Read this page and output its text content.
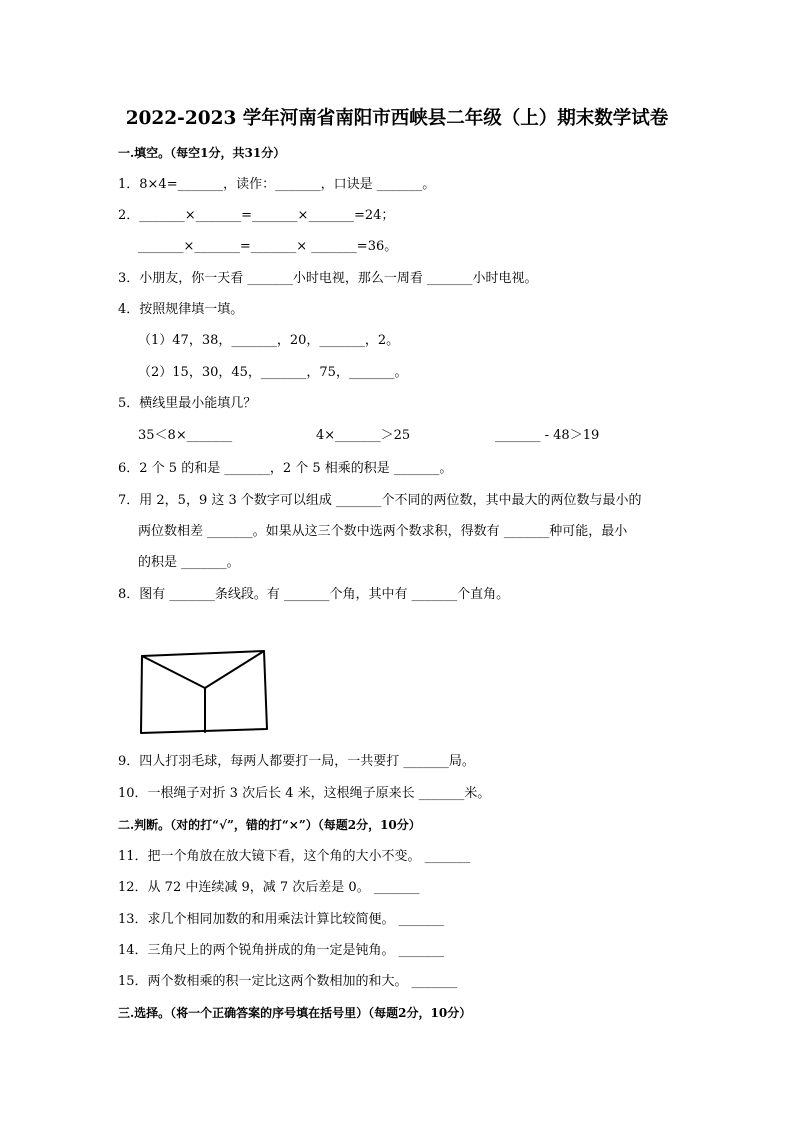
2022-2023 学年河南省南阳市西峡县二年级（上）期末数学试卷
一.填空。（每空1分，共31分）
1．8×4=_______，读作：_______，口诀是 _______。
2．_______×_______=_______×_______=24；
_______×_______=_______× _______=36。
3．小朋友，你一天看 _______小时电视，那么一周看 _______小时电视。
4．按照规律填一填。
（1）47，38，_______，20，_______，2。
（2）15，30，45，_______，75，_______。
5．横线里最小能填几？
35＜8×_______	4×_______＞25	_______ - 48＞19
6．2 个 5 的和是 _______，2 个 5 相乘的积是 _______。
7．用 2，5，9 这 3 个数字可以组成 _______个不同的两位数，其中最大的两位数与最小的
两位数相差 _______。如果从这三个数中选两个数求积，得数有 _______种可能，最小
的积是 _______。
8．图有 _______条线段。有 _______个角，其中有 _______个直角。
9．四人打羽毛球，每两人都要打一局，一共要打 _______局。
10．一根绳子对折 3 次后长 4 米，这根绳子原来长 _______米。
二.判断。（对的打“√”，错的打“×”）（每题2分，10分）
11．把一个角放在放大镜下看，这个角的大小不变。 _______
12．从 72 中连续减 9，减 7 次后差是 0。 _______
13．求几个相同加数的和用乘法计算比较简便。 _______
14．三角尺上的两个锐角拼成的角一定是钝角。 _______
15．两个数相乘的积一定比这两个数相加的和大。 _______
三.选择。（将一个正确答案的序号填在括号里）（每题2分，10分）
